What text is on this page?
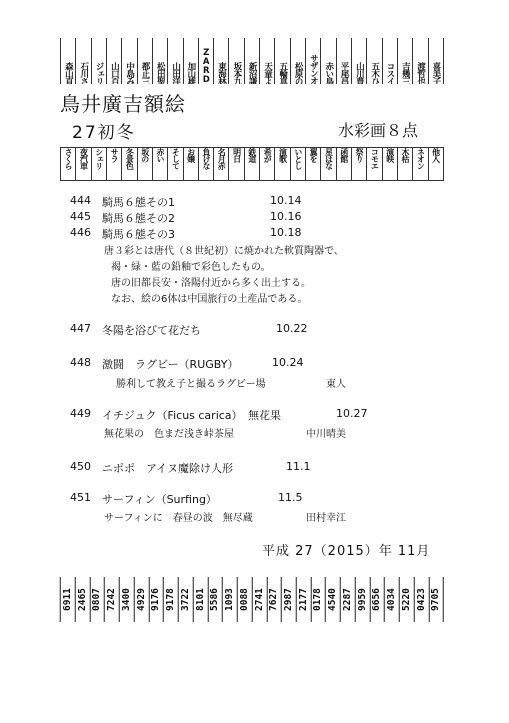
森山直 石川さ ジェリ 山口百 中島み 都止三 松田聖 山田洋 加山雄 ZARD 東海林 坂本九 新沼謙 天童よ 五輪真 松原の サザンオ 赤い鳥 平尾昌 山川豊 五木ひ コスイ 吉幾三 渡哲也 喜美子
鳥井廣吉額絵
27初冬	水彩画８点
さくら 夜汽車 シェリ サラ 冬景色 坂の 赤い そして お嬢 負けな 名月赤 明日 鉄道 希が 演歌 いとし 翼を 星はな 函館 祭り コモエ 演映 木枯 ネオン 他人
444 騎馬６態その1	10.14
445 騎馬６態その2	10.16
446 騎馬６態その3	10.18
唐３彩とは唐代（８世紀初）に焼かれた軟質陶器で、
褐・緑・藍の鉛釉で彩色したもの。
唐の旧都長安・洛陽付近から多く出土する。
なお、絵の6体は中国旅行の土産品である。
447 冬陽を浴びて花だち	10.22
448 激闘　ラグビー（RUGBY）	10.24
勝利して教え子と撮るラグビー場	東人
449 イチジュク（Ficus carica）　無花果	10.27
無花果の　色まだ浅き峠茶屋	中川晴美
450 ニポポ　アイヌ魔除け人形	11.1
451 サーフィン（Surfing）	11.5
サーフィンに　春昼の波　無尽蔵	田村幸江
平成 27（2015）年 11月
6911 2465 0807 7242 3400 4929 9176 9178 3722 8101 5586 1093 0088 2741 7627 2987 2177 0178 4540 2287 9959 6656 4034 5220 0423 9705
